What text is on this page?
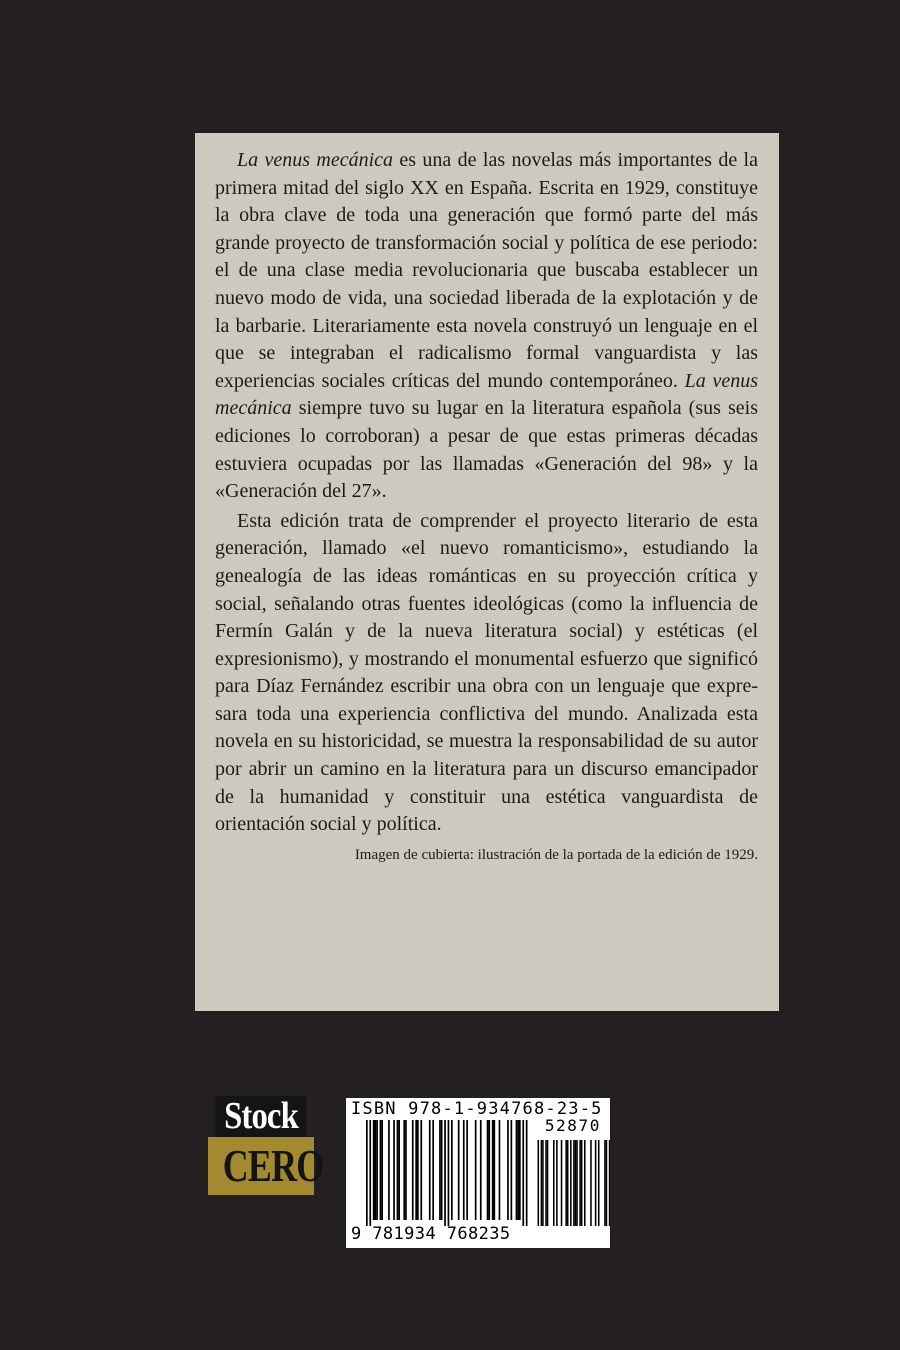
La venus mecánica es una de las novelas más importantes de la primera mitad del siglo XX en España. Escrita en 1929, constituye la obra clave de toda una generación que formó parte del más grande proyecto de transformación social y política de ese periodo: el de una clase media revolucionaria que buscaba establecer un nuevo modo de vida, una sociedad liberada de la explotación y de la barbarie. Literariamente esta novela construyó un lenguaje en el que se integraban el radicalismo formal vanguardista y las experiencias sociales críticas del mundo contemporáneo. La venus mecánica siempre tuvo su lugar en la literatura española (sus seis ediciones lo corroboran) a pesar de que estas primeras décadas estuviera ocupadas por las llamadas «Generación del 98» y la «Generación del 27».

Esta edición trata de comprender el proyecto literario de esta generación, llamado «el nuevo romanticismo», estudiando la genealogía de las ideas románticas en su proyección crítica y social, señalando otras fuentes ideológicas (como la influencia de Fermín Galán y de la nueva literatura social) y estéticas (el expresionismo), y mostrando el monumental esfuerzo que significó para Díaz Fernández escribir una obra con un lenguaje que expresara toda una experiencia conflictiva del mundo. Analizada esta novela en su historicidad, se muestra la responsabilidad de su autor por abrir un camino en la literatura para un discurso emancipador de la humanidad y constituir una estética vanguardista de orientación social y política.

Imagen de cubierta: ilustración de la portada de la edición de 1929.

Stock
CERO
ISBN 978-1-934768-23-5
52870
9 781934 768235
